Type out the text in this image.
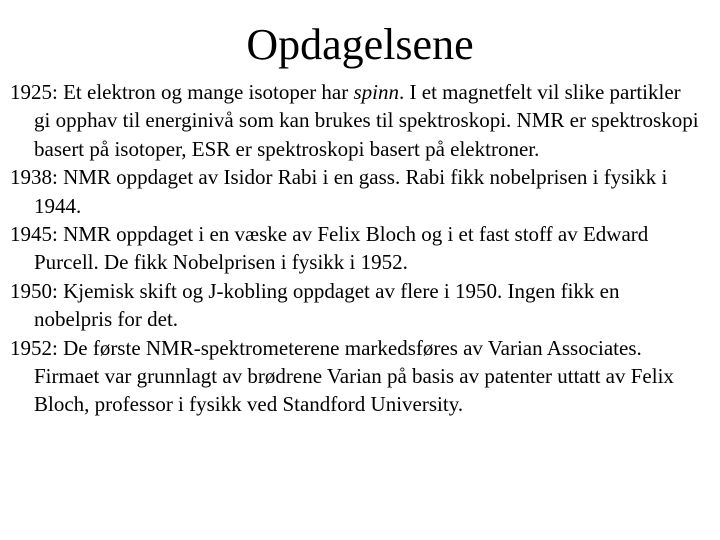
Opdagelsene
1925: Et elektron og mange isotoper har spinn. I et magnetfelt vil slike partikler gi opphav til energinivå som kan brukes til spektroskopi. NMR er spektroskopi basert på isotoper, ESR er spektroskopi basert på elektroner.
1938: NMR oppdaget av Isidor Rabi i en gass. Rabi fikk nobelprisen i fysikk i 1944.
1945: NMR oppdaget i en væske av Felix Bloch og i et fast stoff av Edward Purcell. De fikk Nobelprisen i fysikk i 1952.
1950: Kjemisk skift og J-kobling oppdaget av flere i 1950. Ingen fikk en nobelpris for det.
1952: De første NMR-spektrometerene markedsføres av Varian Associates. Firmaet var grunnlagt av brødrene Varian på basis av patenter uttatt av Felix Bloch, professor i fysikk ved Standford University.
